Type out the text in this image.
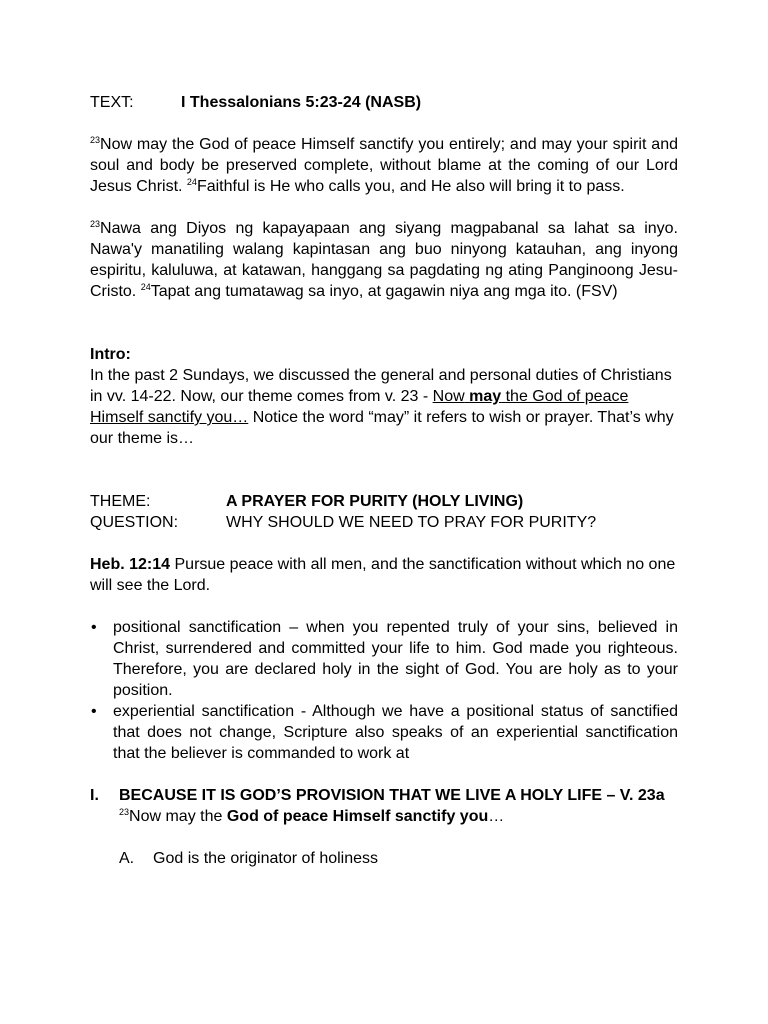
TEXT:	I Thessalonians 5:23-24 (NASB)

$^{23}$Now may the God of peace Himself sanctify you entirely; and may your spirit and soul and body be preserved complete, without blame at the coming of our Lord Jesus Christ. $^{24}$Faithful is He who calls you, and He also will bring it to pass.

$^{23}$Nawa ang Diyos ng kapayapaan ang siyang magpabanal sa lahat sa inyo. Nawa'y manatiling walang kapintasan ang buo ninyong katauhan, ang inyong espiritu, kaluluwa, at katawan, hanggang sa pagdating ng ating Panginoong Jesu-Cristo. $^{24}$Tapat ang tumatawag sa inyo, at gagawin niya ang mga ito. (FSV)

Intro:

In the past 2 Sundays, we discussed the general and personal duties of Christians in vv. 14-22. Now, our theme comes from v. 23 - Now may the God of peace Himself sanctify you… Notice the word “may” it refers to wish or prayer. That’s why our theme is…

THEME:	A PRAYER FOR PURITY (HOLY LIVING)
QUESTION:	WHY SHOULD WE NEED TO PRAY FOR PURITY?

Heb. 12:14 Pursue peace with all men, and the sanctification without which no one will see the Lord.

• positional sanctification – when you repented truly of your sins, believed in Christ, surrendered and committed your life to him. God made you righteous. Therefore, you are declared holy in the sight of God. You are holy as to your position.
• experiential sanctification - Although we have a positional status of sanctified that does not change, Scripture also speaks of an experiential sanctification that the believer is commanded to work at
I.	BECAUSE IT IS GOD’S PROVISION THAT WE LIVE A HOLY LIFE – V. 23a

$^{23}$Now may the God of peace Himself sanctify you…

A.	God is the originator of holiness
